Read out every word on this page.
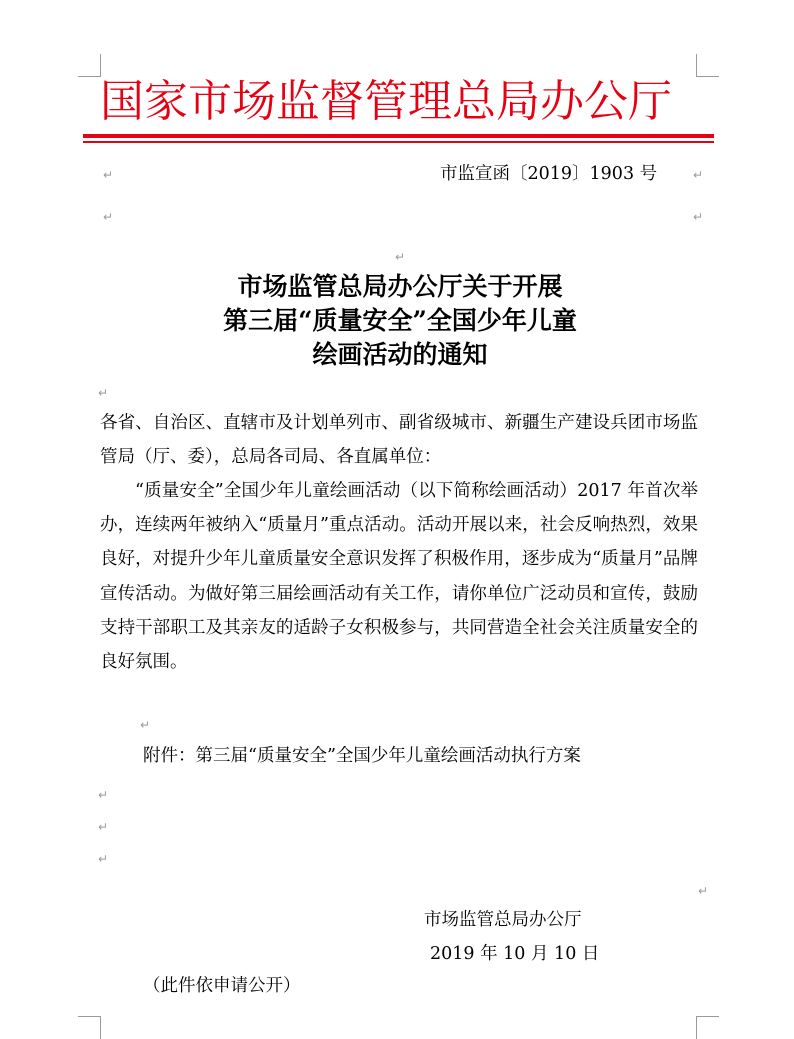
国家市场监督管理总局办公厅
↵	市监宣函〔2019〕1903 号	↵
↵	↵
↵
市场监管总局办公厅关于开展
第三届“质量安全”全国少年儿童
绘画活动的通知
↵
各省、自治区、直辖市及计划单列市、副省级城市、新疆生产建设兵团市场监管局（厅、委），总局各司局、各直属单位：
“质量安全”全国少年儿童绘画活动（以下简称绘画活动）2017 年首次举办，连续两年被纳入“质量月”重点活动。活动开展以来，社会反响热烈，效果良好，对提升少年儿童质量安全意识发挥了积极作用，逐步成为“质量月”品牌宣传活动。为做好第三届绘画活动有关工作，请你单位广泛动员和宣传，鼓励支持干部职工及其亲友的适龄子女积极参与，共同营造全社会关注质量安全的良好氛围。
↵
附件：第三届“质量安全”全国少年儿童绘画活动执行方案
↵
↵
↵
↵
市场监管总局办公厅
2019 年 10 月 10 日
（此件依申请公开）
